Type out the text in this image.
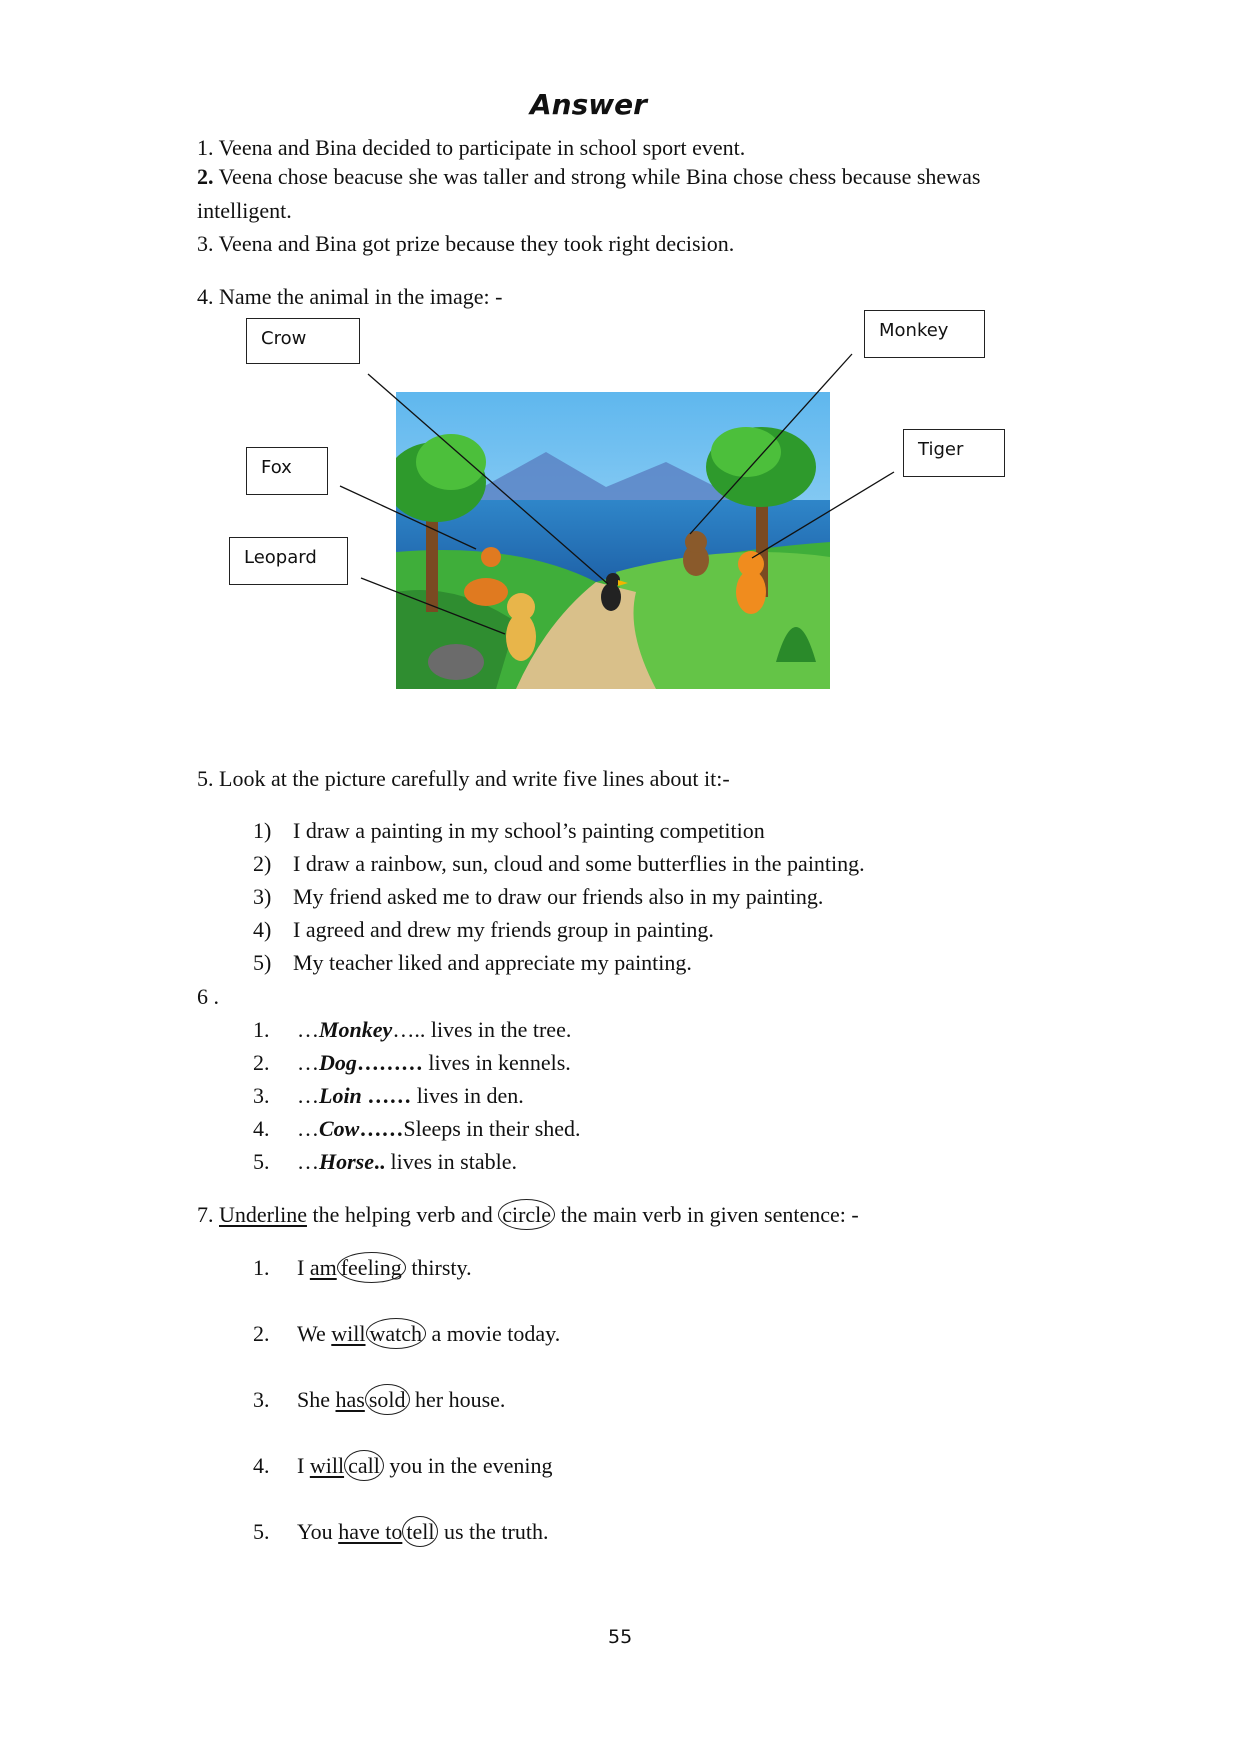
Answer
1. Veena and Bina decided to participate in school sport event.
2. Veena chose beacuse she was taller and strong while Bina chose chess because shewas
intelligent.
3. Veena and Bina got prize because they took right decision.
4. Name the animal in the image: -
Crow	Monkey
Fox
Tiger
Leopard
5. Look at the picture carefully and write five lines about it:-
1) I draw a painting in my school’s painting competition
2) I draw a rainbow, sun, cloud and some butterflies in the painting.
3) My friend asked me to draw our friends also in my painting.
4) I agreed and drew my friends group in painting.
5) My teacher liked and appreciate my painting.
6 .
1. …Monkey….. lives in the tree.
2. …Dog……… lives in kennels.
3. …Loin …… lives in den.
4. …Cow……Sleeps in their shed.
5. …Horse.. lives in stable.
7. Underline the helping verb and circle the main verb in given sentence: -
1. I am feeling thirsty.
2. We will watch a movie today.
3. She has sold her house.
4. I will call you in the evening
5. You have to tell us the truth.
55
